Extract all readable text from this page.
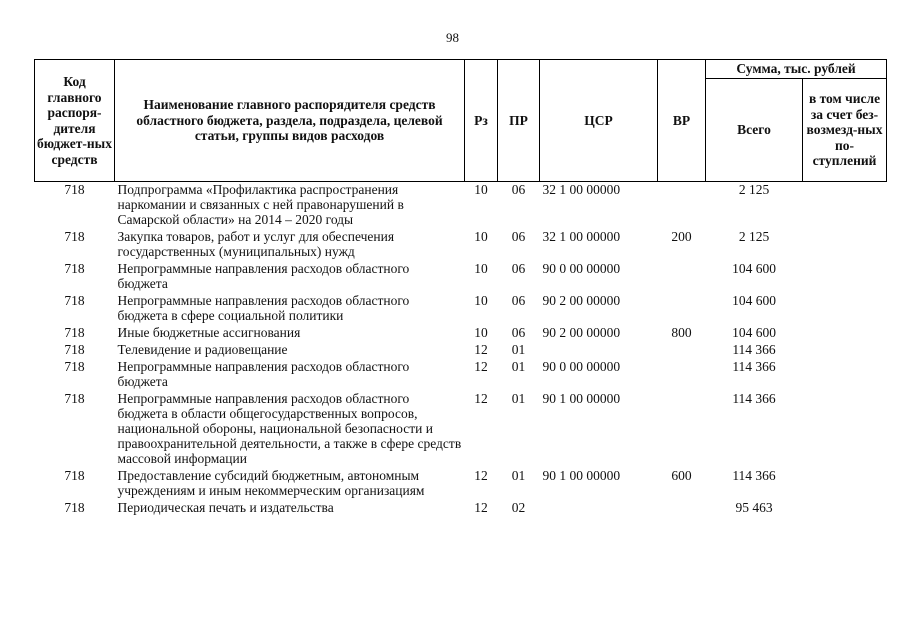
98
Код главного распоря-дителя бюджет-ных средств	Наименование главного распорядителя средств областного бюджета, раздела, подраздела, целевой статьи, группы видов расходов	Рз	ПР	ЦСР	ВР	Сумма, тыс. рублей	
						Всего	в том числе за счет без-возмезд-ных по-ступлений
718	Подпрограмма «Профилактика распространения наркомании и связанных с ней правонарушений в Самарской области» на 2014 – 2020 годы	10	06	32 1 00 00000		2 125	
718	Закупка товаров, работ и услуг для обеспечения государственных (муниципальных) нужд	10	06	32 1 00 00000	200	2 125	
718	Непрограммные направления расходов областного бюджета	10	06	90 0 00 00000		104 600	
718	Непрограммные направления расходов областного бюджета в сфере социальной политики	10	06	90 2 00 00000		104 600	
718	Иные бюджетные ассигнования	10	06	90 2 00 00000	800	104 600	
718	Телевидение и радиовещание	12	01			114 366	
718	Непрограммные направления расходов областного бюджета	12	01	90 0 00 00000		114 366	
718	Непрограммные направления расходов областного бюджета в области общегосударственных вопросов, национальной обороны, национальной безопасности и правоохранительной деятельности, а также в сфере средств массовой информации	12	01	90 1 00 00000		114 366	
718	Предоставление субсидий бюджетным, автономным учреждениям и иным некоммерческим организациям	12	01	90 1 00 00000	600	114 366	
718	Периодическая печать и издательства	12	02			95 463	
